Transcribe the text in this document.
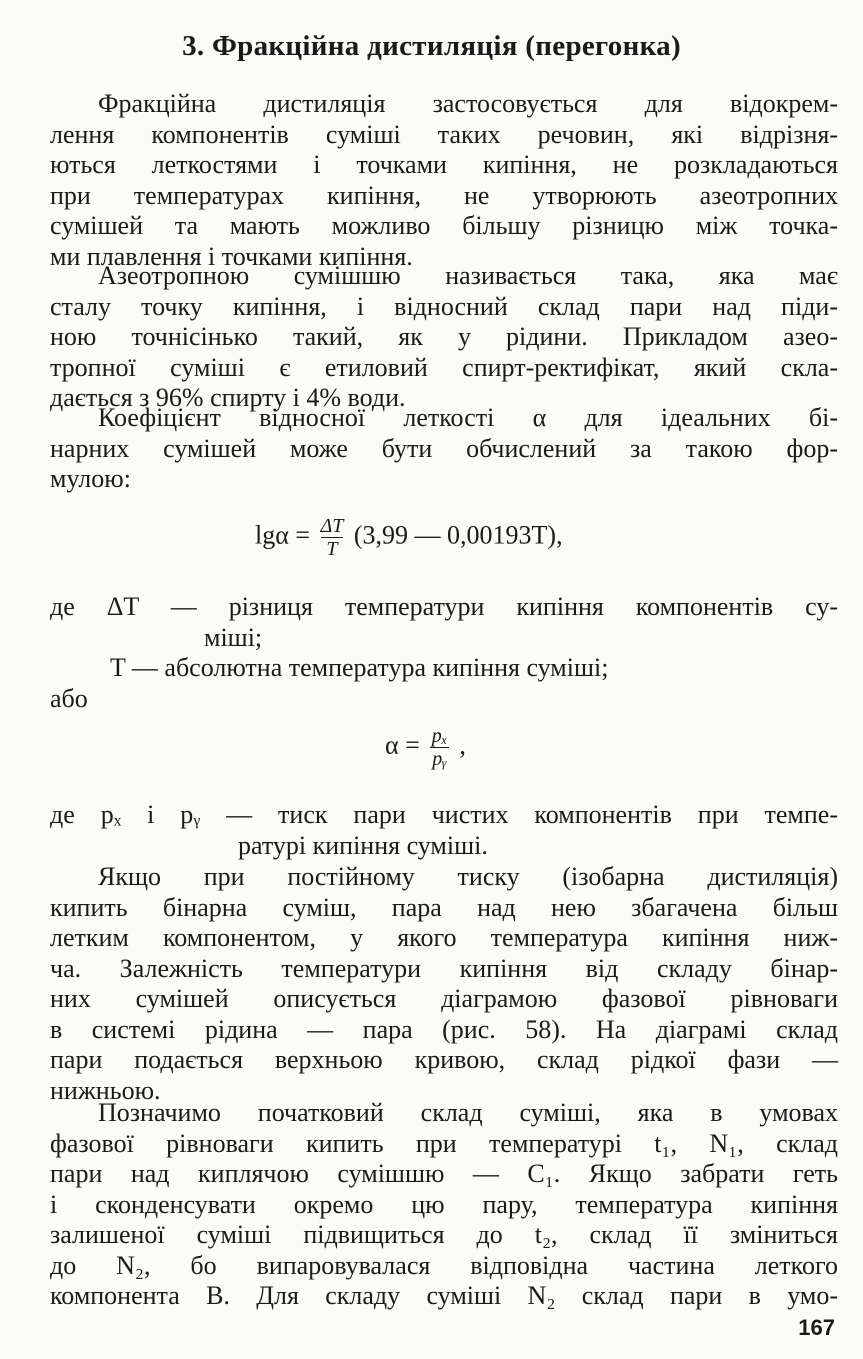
3. Фракційна дистиляція (перегонка)
Фракційна дистиляція застосовується для відокрем-
лення компонентів суміші таких речовин, які відрізня-
ються леткостями і точками кипіння, не розкладаються
при температурах кипіння, не утворюють азеотропних
сумішей та мають можливо більшу різницю між точка-
ми плавлення і точками кипіння.
Азеотропною сумішшю називається така, яка має
сталу точку кипіння, і відносний склад пари над піди-
ною точнісінько такий, як у рідини. Прикладом азео-
тропної суміші є етиловий спирт-ректифікат, який скла-
дається з 96% спирту і 4% води.
Коефіцієнт відносної леткості α для ідеальних бі-
нарних сумішей може бути обчислений за такою фор-
мулою:
$\lg\alpha = \frac{\Delta T}{T} (3,99$ — 0,00193T),
де ΔT — різниця температури кипіння компонентів су-
міші;
T — абсолютна температура кипіння суміші;
або
$\alpha = \frac{\text{pₓ}}{\text{pᵧ}}$ ,
де pₓ і pᵧ — тиск пари чистих компонентів при темпе-
ратурі кипіння суміші.
Якщо при постійному тиску (ізобарна дистиляція)
кипить бінарна суміш, пара над нею збагачена більш
летким компонентом, у якого температура кипіння ниж-
ча. Залежність температури кипіння від складу бінар-
них сумішей описується діаграмою фазової рівноваги
в системі рідина — пара (рис. 58). На діаграмі склад
пари подається верхньою кривою, склад рідкої фази —
нижньою.
Позначимо початковий склад суміші, яка в умовах
фазової рівноваги кипить при температурі t₁, N₁, склад
пари над киплячою сумішшю — C₁. Якщо забрати геть
і сконденсувати окремо цю пару, температура кипіння
залишеної суміші підвищиться до t₂, склад її зміниться
до N₂, бо випаровувалася відповідна частина леткого
компонента B. Для складу суміші N₂ склад пари в умо-
167
